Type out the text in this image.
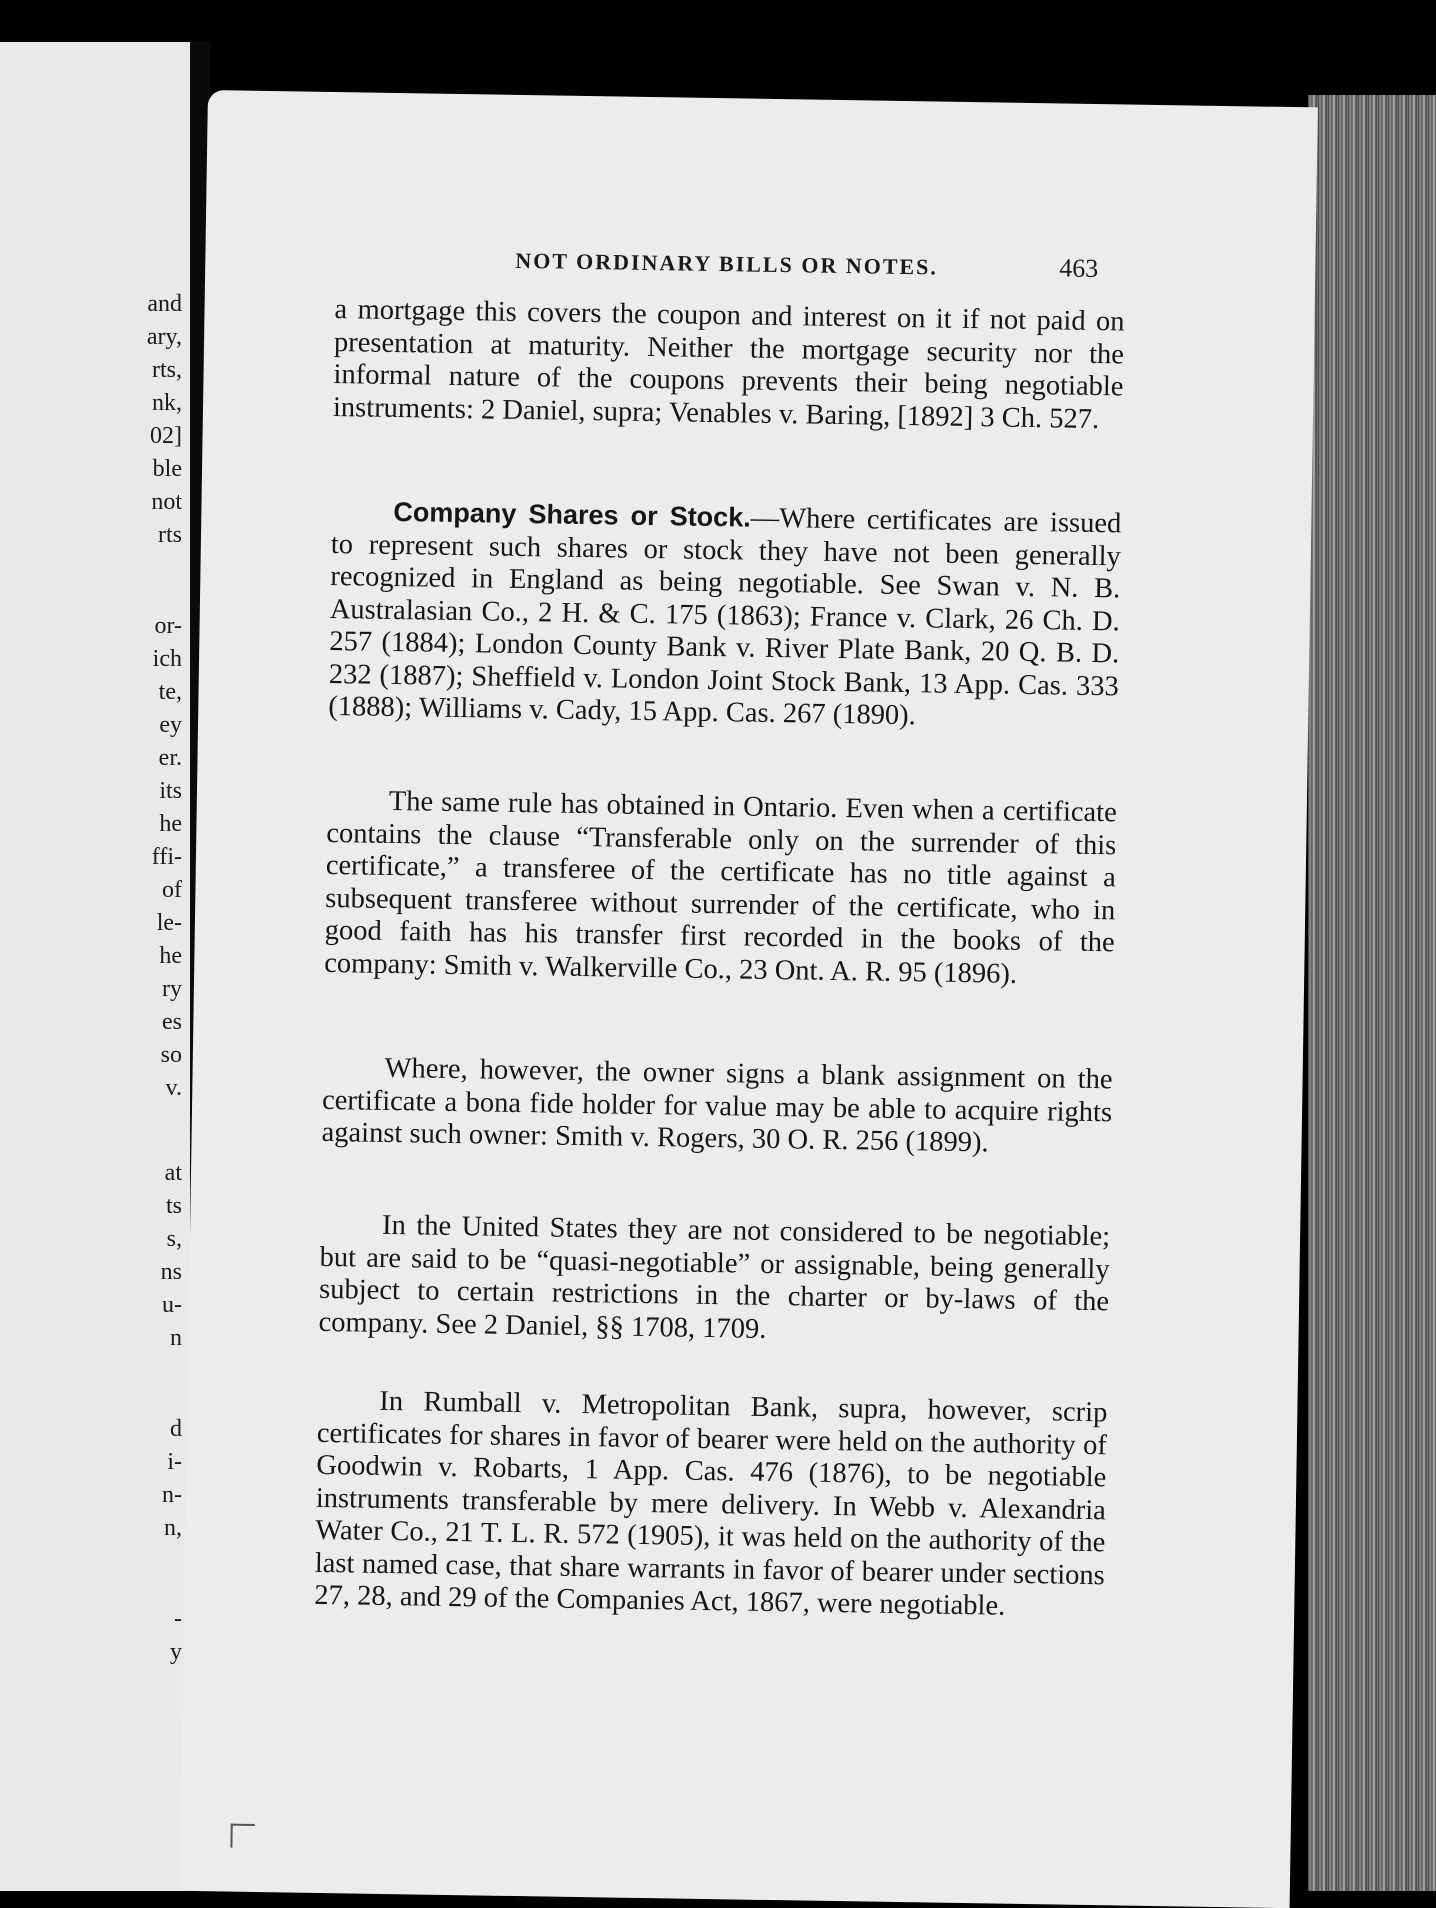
and
ary,
rts,
nk,
02]
ble
not
rts
or-
ich
te,
ey
er.
its
he
ffi-
of
le-
he
ry
es
so
v.
at
ts
s,
ns
u-
n
d
i-
n-
n,
-
y
NOT ORDINARY BILLS OR NOTES.	463

a mortgage this covers the coupon and interest on it if not paid on presentation at maturity. Neither the mortgage security nor the informal nature of the coupons prevents their being negotiable instruments: 2 Daniel, supra; Venables v. Baring, [1892] 3 Ch. 527.

Company Shares or Stock.—Where certificates are issued to represent such shares or stock they have not been generally recognized in England as being negotiable. See Swan v. N. B. Australasian Co., 2 H. & C. 175 (1863); France v. Clark, 26 Ch. D. 257 (1884); London County Bank v. River Plate Bank, 20 Q. B. D. 232 (1887); Sheffield v. London Joint Stock Bank, 13 App. Cas. 333 (1888); Williams v. Cady, 15 App. Cas. 267 (1890).

The same rule has obtained in Ontario. Even when a certificate contains the clause “Transferable only on the surrender of this certificate,” a transferee of the certificate has no title against a subsequent transferee without surrender of the certificate, who in good faith has his transfer first recorded in the books of the company: Smith v. Walkerville Co., 23 Ont. A. R. 95 (1896).

Where, however, the owner signs a blank assignment on the certificate a bona fide holder for value may be able to acquire rights against such owner: Smith v. Rogers, 30 O. R. 256 (1899).

In the United States they are not considered to be negotiable; but are said to be “quasi-negotiable” or assignable, being generally subject to certain restrictions in the charter or by-laws of the company. See 2 Daniel, §§ 1708, 1709.

In Rumball v. Metropolitan Bank, supra, however, scrip certificates for shares in favor of bearer were held on the authority of Goodwin v. Robarts, 1 App. Cas. 476 (1876), to be negotiable instruments transferable by mere delivery. In Webb v. Alexandria Water Co., 21 T. L. R. 572 (1905), it was held on the authority of the last named case, that share warrants in favor of bearer under sections 27, 28, and 29 of the Companies Act, 1867, were negotiable.
